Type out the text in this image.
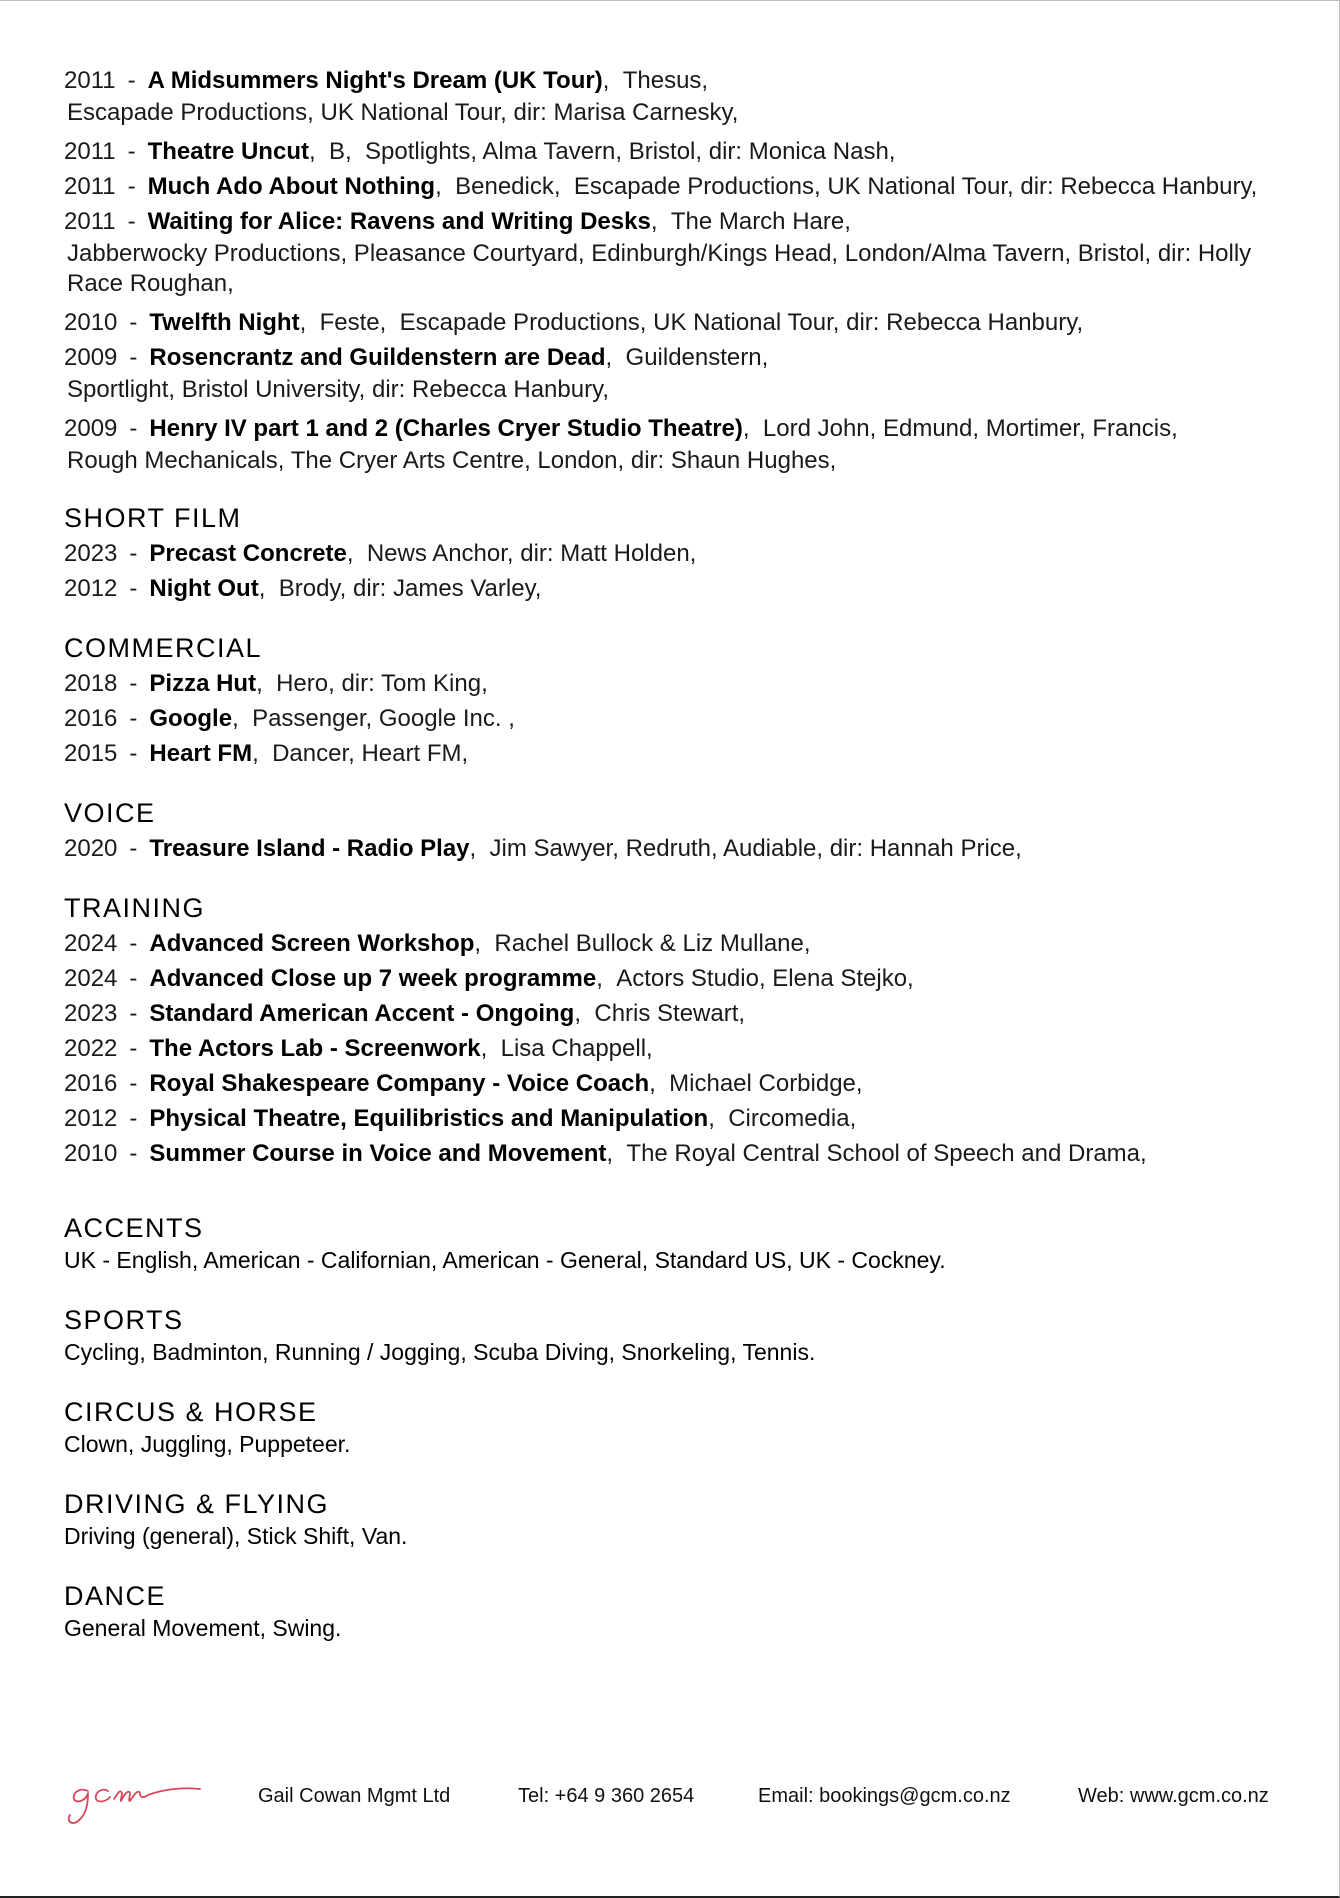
2011 - A Midsummers Night's Dream (UK Tour),  Thesus,
Escapade Productions, UK National Tour, dir: Marisa Carnesky,
2011 - Theatre Uncut,  B, Spotlights, Alma Tavern, Bristol, dir: Monica Nash,
2011 - Much Ado About Nothing,  Benedick, Escapade Productions, UK National Tour, dir: Rebecca Hanbury,
2011 - Waiting for Alice: Ravens and Writing Desks,  The March Hare,
Jabberwocky Productions, Pleasance Courtyard, Edinburgh/Kings Head, London/Alma Tavern, Bristol, dir: Holly Race Roughan,
2010 - Twelfth Night,  Feste, Escapade Productions, UK National Tour, dir: Rebecca Hanbury,
2009 - Rosencrantz and Guildenstern are Dead,  Guildenstern,
Sportlight, Bristol University, dir: Rebecca Hanbury,
2009 - Henry IV part 1 and 2 (Charles Cryer Studio Theatre),  Lord John, Edmund, Mortimer, Francis,
Rough Mechanicals, The Cryer Arts Centre, London, dir: Shaun Hughes,
SHORT FILM
2023 - Precast Concrete,  News Anchor, dir: Matt Holden,
2012 - Night Out,  Brody, dir: James Varley,
COMMERCIAL
2018 - Pizza Hut,  Hero, dir: Tom King,
2016 - Google,  Passenger, Google Inc. ,
2015 - Heart FM,  Dancer, Heart FM,
VOICE
2020 - Treasure Island - Radio Play,  Jim Sawyer, Redruth, Audiable, dir: Hannah Price,
TRAINING
2024 - Advanced Screen Workshop,  Rachel Bullock & Liz Mullane,
2024 - Advanced Close up 7 week programme,  Actors Studio, Elena Stejko,
2023 - Standard American Accent - Ongoing,  Chris Stewart,
2022 - The Actors Lab - Screenwork,  Lisa Chappell,
2016 - Royal Shakespeare Company - Voice Coach,  Michael Corbidge,
2012 - Physical Theatre, Equilibristics and Manipulation,  Circomedia,
2010 - Summer Course in Voice and Movement,  The Royal Central School of Speech and Drama,
ACCENTS
UK - English, American - Californian, American - General, Standard US, UK - Cockney.
SPORTS
Cycling, Badminton, Running / Jogging, Scuba Diving, Snorkeling, Tennis.
CIRCUS & HORSE
Clown, Juggling, Puppeteer.
DRIVING & FLYING
Driving (general), Stick Shift, Van.
DANCE
General Movement, Swing.
Gail Cowan Mgmt Ltd	Tel: +64 9 360 2654	Email: bookings@gcm.co.nz	Web: www.gcm.co.nz
